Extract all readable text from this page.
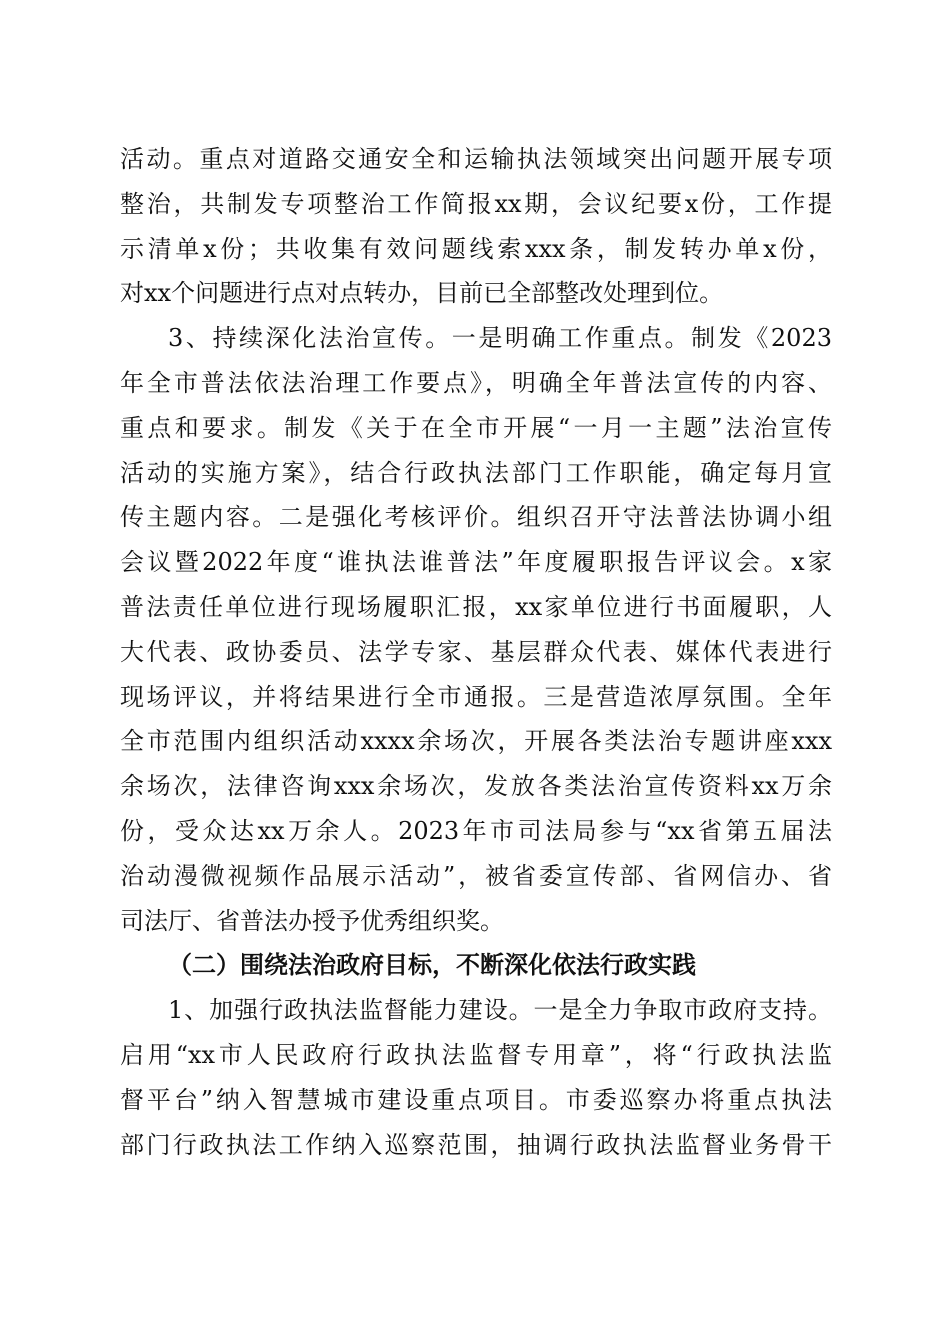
活动。重点对道路交通安全和运输执法领域突出问题开展专项
整治，共制发专项整治工作简报xx期，会议纪要x份，工作提
示清单x份；共收集有效问题线索xxx条，制发转办单x份，
对xx个问题进行点对点转办，目前已全部整改处理到位。
3、持续深化法治宣传。一是明确工作重点。制发《2023
年全市普法依法治理工作要点》，明确全年普法宣传的内容、
重点和要求。制发《关于在全市开展“一月一主题”法治宣传
活动的实施方案》，结合行政执法部门工作职能，确定每月宣
传主题内容。二是强化考核评价。组织召开守法普法协调小组
会议暨2022年度“谁执法谁普法”年度履职报告评议会。x家
普法责任单位进行现场履职汇报，xx家单位进行书面履职，人
大代表、政协委员、法学专家、基层群众代表、媒体代表进行
现场评议，并将结果进行全市通报。三是营造浓厚氛围。全年
全市范围内组织活动xxxx余场次，开展各类法治专题讲座xxx
余场次，法律咨询xxx余场次，发放各类法治宣传资料xx万余
份，受众达xx万余人。2023年市司法局参与“xx省第五届法
治动漫微视频作品展示活动”，被省委宣传部、省网信办、省
司法厅、省普法办授予优秀组织奖。
（二）围绕法治政府目标，不断深化依法行政实践
1、加强行政执法监督能力建设。一是全力争取市政府支持。
启用“xx市人民政府行政执法监督专用章”，将“行政执法监
督平台”纳入智慧城市建设重点项目。市委巡察办将重点执法
部门行政执法工作纳入巡察范围，抽调行政执法监督业务骨干
